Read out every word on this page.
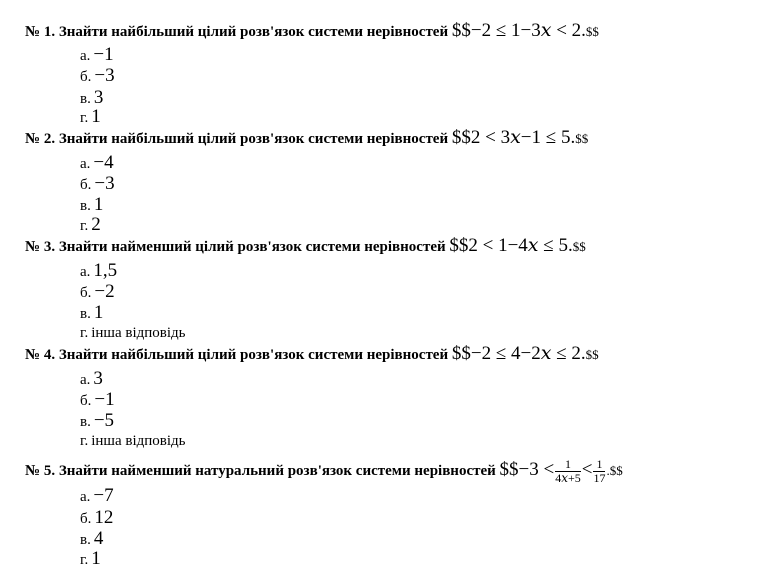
№ 1. Знайти найбільший цілий розв'язок системи нерівностей $$−2 ≤ 1−3𝑥 < 2.$$
а. −1
б. −3
в. 3
г. 1
№ 2. Знайти найбільший цілий розв'язок системи нерівностей $$2 < 3𝑥−1 ≤ 5.$$
а. −4
б. −3
в. 1
г. 2
№ 3. Знайти найменший цілий розв'язок системи нерівностей $$2 < 1−4𝑥 ≤ 5.$$
а. 1,5
б. −2
в. 1
г. інша відповідь
№ 4. Знайти найбільший цілий розв'язок системи нерівностей $$−2 ≤ 4−2𝑥 ≤ 2.$$
а. 3
б. −1
в. −5
г. інша відповідь
№ 5. Знайти найменший натуральний розв'язок системи нерівностей $$−3 < $\frac{1}{\text{4𝑥+5}} < \frac{1}{17}$ .$$
а. −7
б. 12
в. 4
г. 1
